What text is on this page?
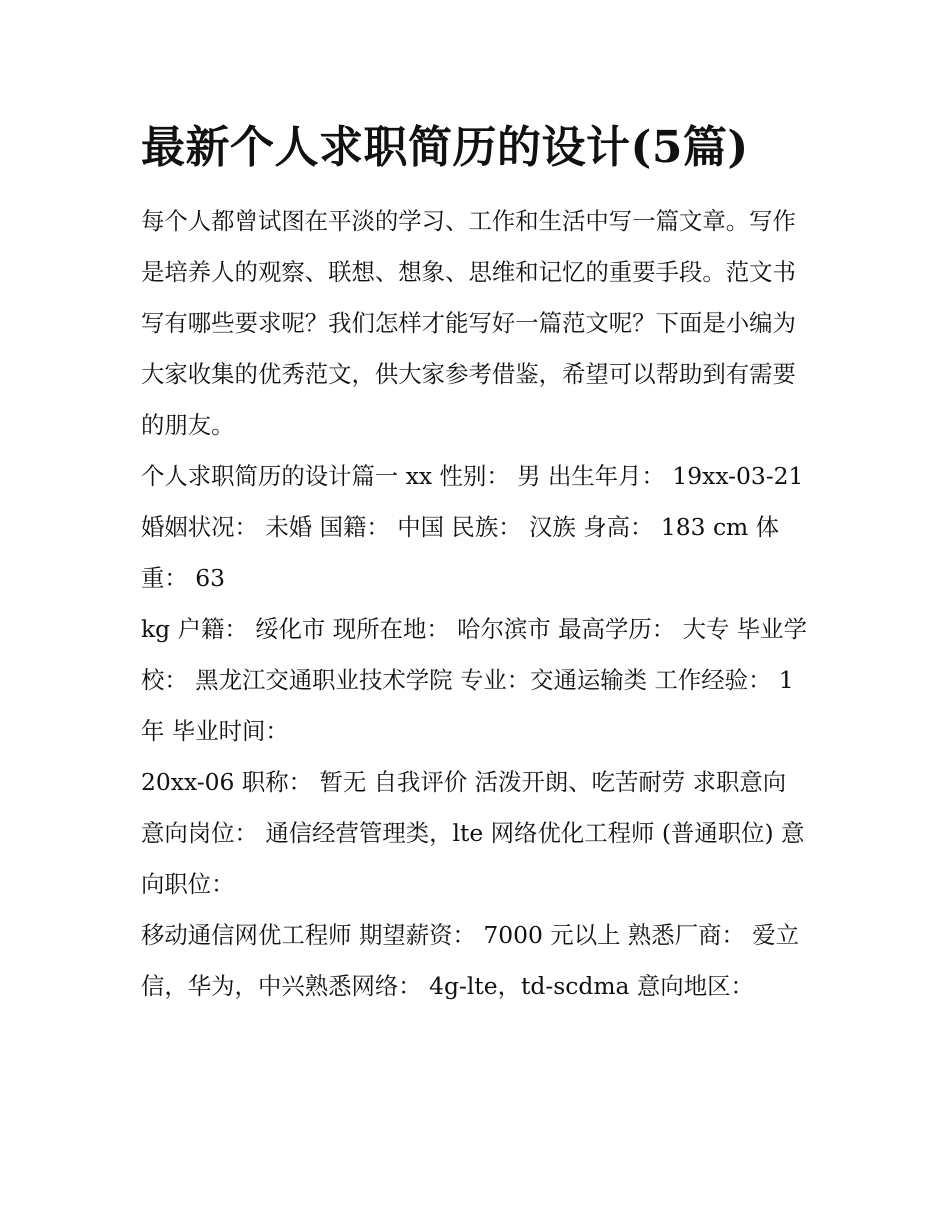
最新个人求职简历的设计(5篇)

每个人都曾试图在平淡的学习、工作和生活中写一篇文章。写作是培养人的观察、联想、想象、思维和记忆的重要手段。范文书写有哪些要求呢？我们怎样才能写好一篇范文呢？下面是小编为大家收集的优秀范文，供大家参考借鉴，希望可以帮助到有需要的朋友。

个人求职简历的设计篇一 xx 性别： 男 出生年月： 19xx-03-21 婚姻状况： 未婚 国籍： 中国 民族： 汉族 身高： 183 cm 体重： 63

kg 户籍： 绥化市 现所在地： 哈尔滨市 最高学历： 大专 毕业学校： 黑龙江交通职业技术学院 专业：交通运输类 工作经验： 1 年 毕业时间：

20xx-06 职称： 暂无 自我评价 活泼开朗、吃苦耐劳 求职意向 意向岗位： 通信经营管理类，lte 网络优化工程师 (普通职位) 意向职位：

移动通信网优工程师 期望薪资： 7000 元以上 熟悉厂商： 爱立信，华为，中兴熟悉网络： 4g-lte，td-scdma 意向地区：
